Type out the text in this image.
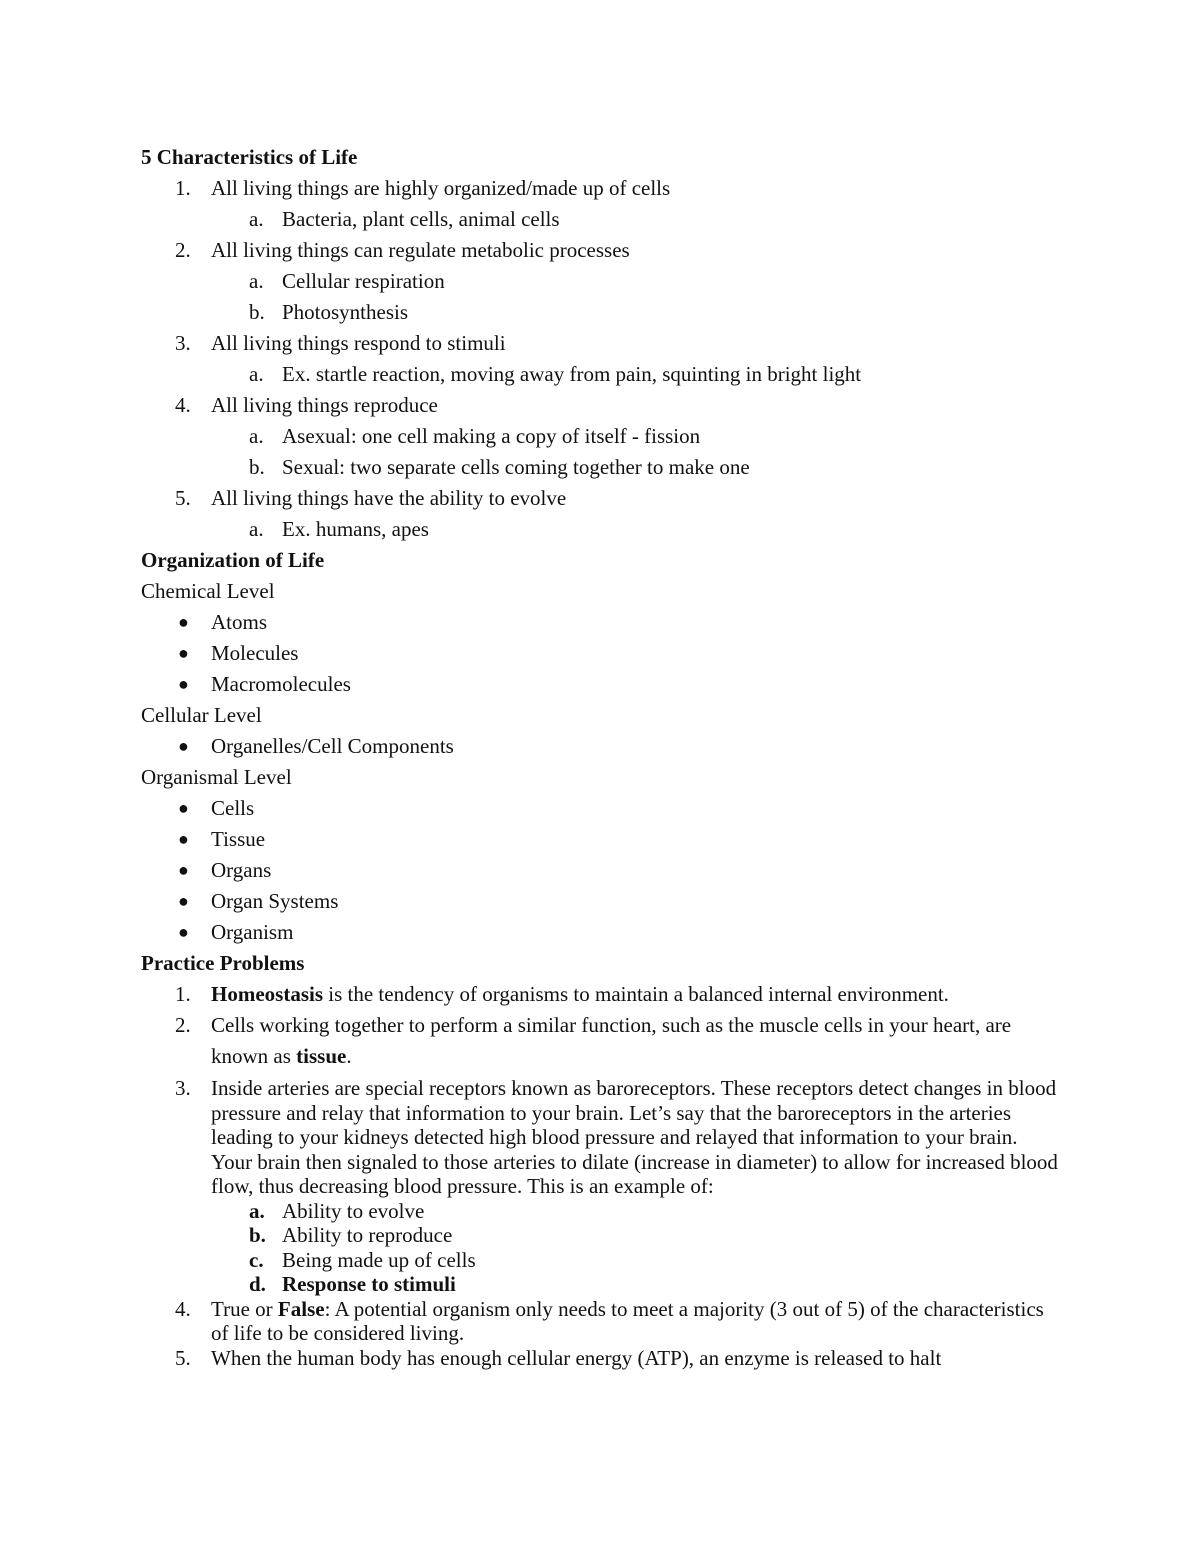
5 Characteristics of Life
1. All living things are highly organized/made up of cells
a. Bacteria, plant cells, animal cells
2. All living things can regulate metabolic processes
a. Cellular respiration
b. Photosynthesis
3. All living things respond to stimuli
a. Ex. startle reaction, moving away from pain, squinting in bright light
4. All living things reproduce
a. Asexual: one cell making a copy of itself - fission
b. Sexual: two separate cells coming together to make one
5. All living things have the ability to evolve
a. Ex. humans, apes
Organization of Life
Chemical Level
● Atoms
● Molecules
● Macromolecules
Cellular Level
● Organelles/Cell Components
Organismal Level
● Cells
● Tissue
● Organs
● Organ Systems
● Organism
Practice Problems
1. Homeostasis is the tendency of organisms to maintain a balanced internal environment.
2. Cells working together to perform a similar function, such as the muscle cells in your heart, are known as tissue.
3. Inside arteries are special receptors known as baroreceptors. These receptors detect changes in blood pressure and relay that information to your brain. Let’s say that the baroreceptors in the arteries leading to your kidneys detected high blood pressure and relayed that information to your brain. Your brain then signaled to those arteries to dilate (increase in diameter) to allow for increased blood flow, thus decreasing blood pressure. This is an example of:
a. Ability to evolve
b. Ability to reproduce
c. Being made up of cells
d. Response to stimuli
4. True or False: A potential organism only needs to meet a majority (3 out of 5) of the characteristics of life to be considered living.
5. When the human body has enough cellular energy (ATP), an enzyme is released to halt
